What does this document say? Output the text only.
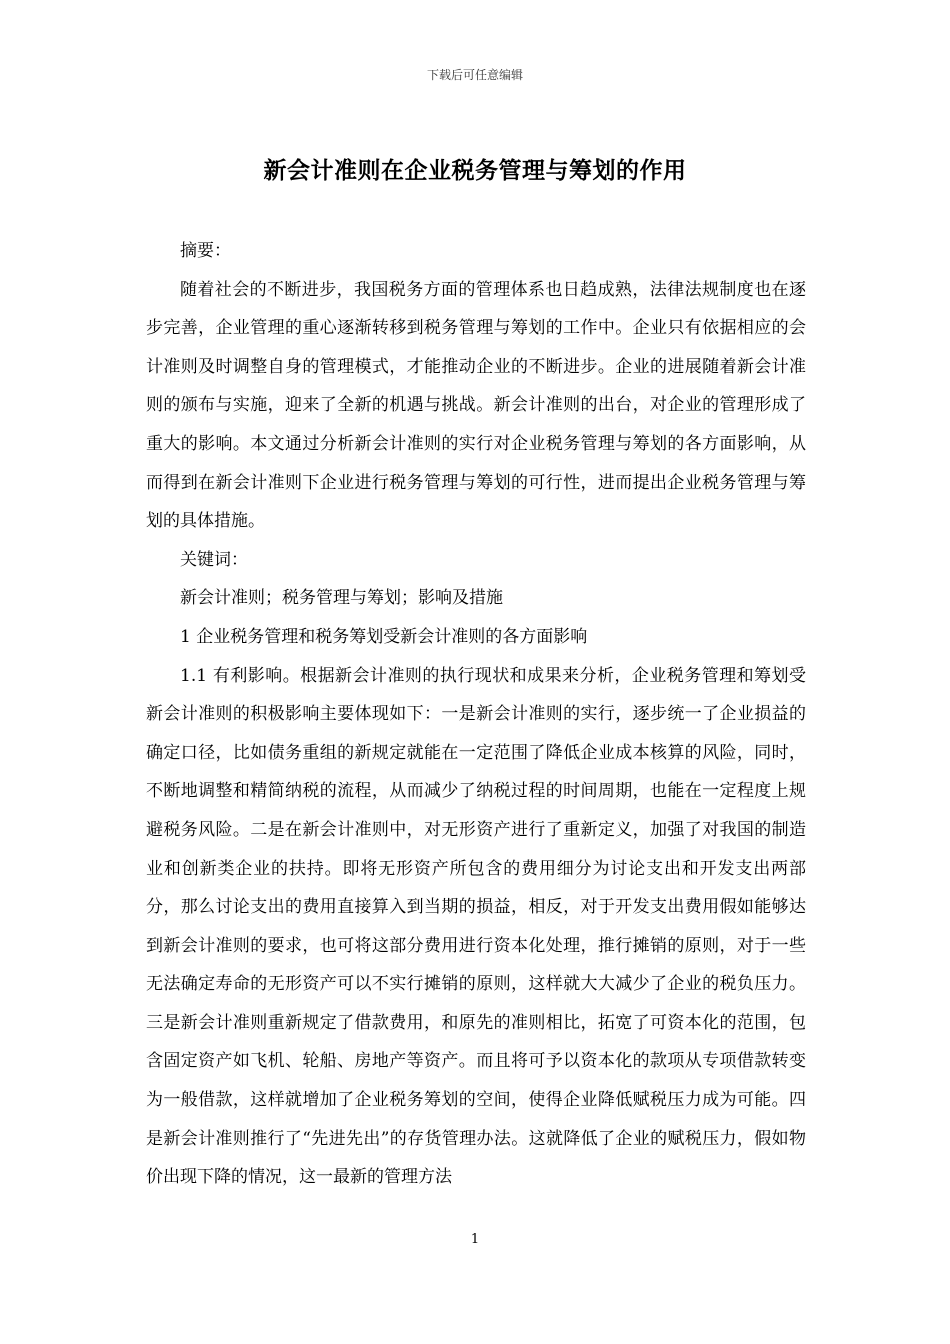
下载后可任意编辑
新会计准则在企业税务管理与筹划的作用

摘要：

随着社会的不断进步，我国税务方面的管理体系也日趋成熟，法律法规制度也在逐步完善，企业管理的重心逐渐转移到税务管理与筹划的工作中。企业只有依据相应的会计准则及时调整自身的管理模式，才能推动企业的不断进步。企业的进展随着新会计准则的颁布与实施，迎来了全新的机遇与挑战。新会计准则的出台，对企业的管理形成了重大的影响。本文通过分析新会计准则的实行对企业税务管理与筹划的各方面影响，从而得到在新会计准则下企业进行税务管理与筹划的可行性，进而提出企业税务管理与筹划的具体措施。

关键词：

新会计准则；税务管理与筹划；影响及措施

1 企业税务管理和税务筹划受新会计准则的各方面影响

1.1 有利影响。根据新会计准则的执行现状和成果来分析，企业税务管理和筹划受新会计准则的积极影响主要体现如下：一是新会计准则的实行，逐步统一了企业损益的确定口径，比如债务重组的新规定就能在一定范围了降低企业成本核算的风险，同时，不断地调整和精简纳税的流程，从而减少了纳税过程的时间周期，也能在一定程度上规避税务风险。二是在新会计准则中，对无形资产进行了重新定义，加强了对我国的制造业和创新类企业的扶持。即将无形资产所包含的费用细分为讨论支出和开发支出两部分，那么讨论支出的费用直接算入到当期的损益，相反，对于开发支出费用假如能够达到新会计准则的要求，也可将这部分费用进行资本化处理，推行摊销的原则，对于一些无法确定寿命的无形资产可以不实行摊销的原则，这样就大大减少了企业的税负压力。三是新会计准则重新规定了借款费用，和原先的准则相比，拓宽了可资本化的范围，包含固定资产如飞机、轮船、房地产等资产。而且将可予以资本化的款项从专项借款转变为一般借款，这样就增加了企业税务筹划的空间，使得企业降低赋税压力成为可能。四是新会计准则推行了“先进先出”的存货管理办法。这就降低了企业的赋税压力，假如物价出现下降的情况，这一最新的管理方法

1
